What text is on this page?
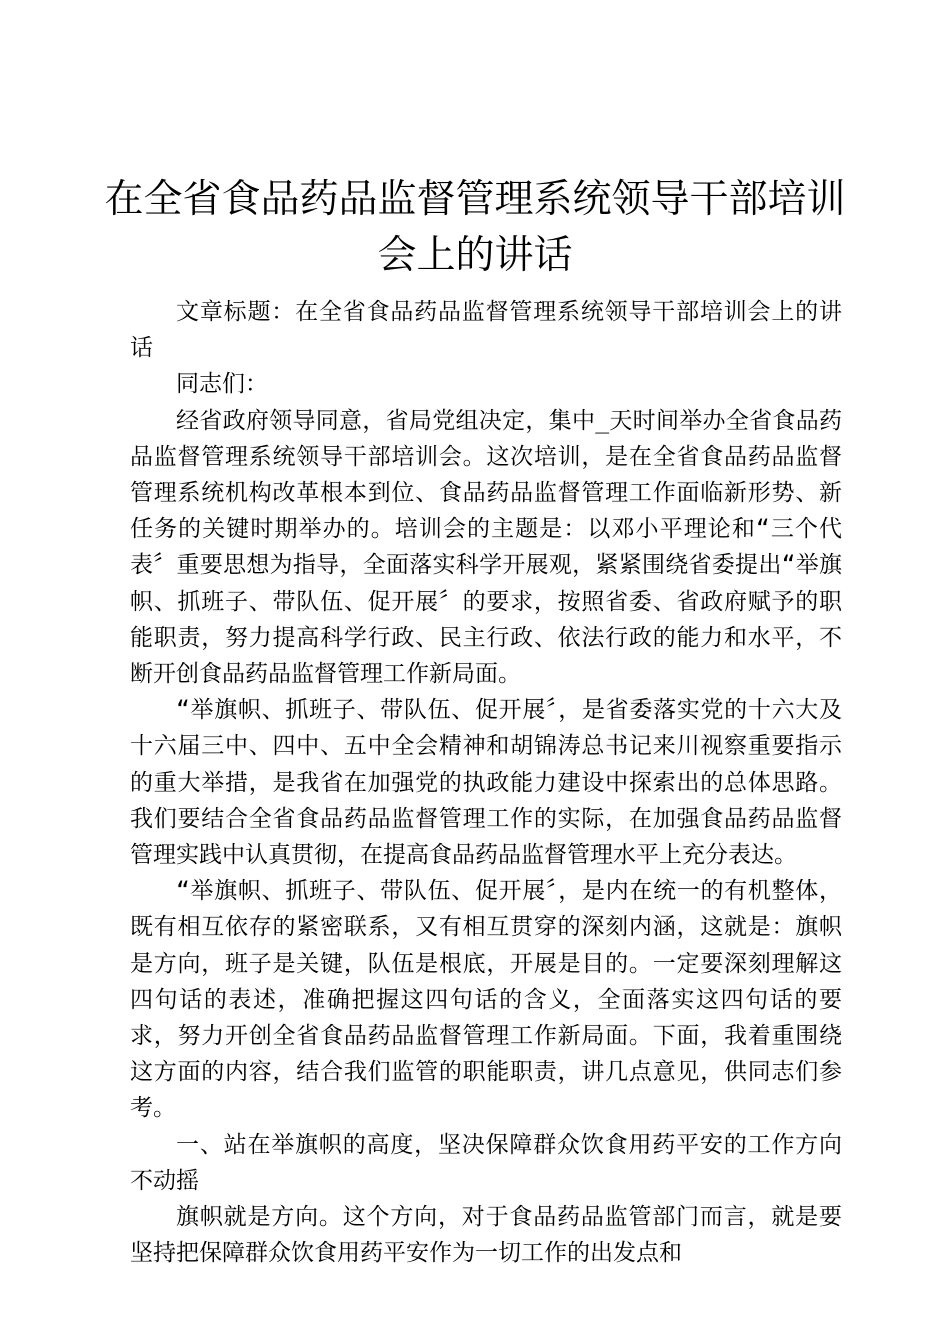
在全省食品药品监督管理系统领导干部培训会上的讲话

文章标题：在全省食品药品监督管理系统领导干部培训会上的讲话

同志们：

经省政府领导同意，省局党组决定，集中_天时间举办全省食品药品监督管理系统领导干部培训会。这次培训，是在全省食品药品监督管理系统机构改革根本到位、食品药品监督管理工作面临新形势、新任务的关键时期举办的。培训会的主题是：以邓小平理论和“三个代表〞重要思想为指导，全面落实科学开展观，紧紧围绕省委提出“举旗帜、抓班子、带队伍、促开展〞的要求，按照省委、省政府赋予的职能职责，努力提高科学行政、民主行政、依法行政的能力和水平，不断开创食品药品监督管理工作新局面。

“举旗帜、抓班子、带队伍、促开展〞，是省委落实党的十六大及十六届三中、四中、五中全会精神和胡锦涛总书记来川视察重要指示的重大举措，是我省在加强党的执政能力建设中探索出的总体思路。我们要结合全省食品药品监督管理工作的实际，在加强食品药品监督管理实践中认真贯彻，在提高食品药品监督管理水平上充分表达。

“举旗帜、抓班子、带队伍、促开展〞，是内在统一的有机整体，既有相互依存的紧密联系，又有相互贯穿的深刻内涵，这就是：旗帜是方向，班子是关键，队伍是根底，开展是目的。一定要深刻理解这四句话的表述，准确把握这四句话的含义，全面落实这四句话的要求，努力开创全省食品药品监督管理工作新局面。下面，我着重围绕这方面的内容，结合我们监管的职能职责，讲几点意见，供同志们参考。

一、站在举旗帜的高度，坚决保障群众饮食用药平安的工作方向不动摇

旗帜就是方向。这个方向，对于食品药品监管部门而言，就是要坚持把保障群众饮食用药平安作为一切工作的出发点和
